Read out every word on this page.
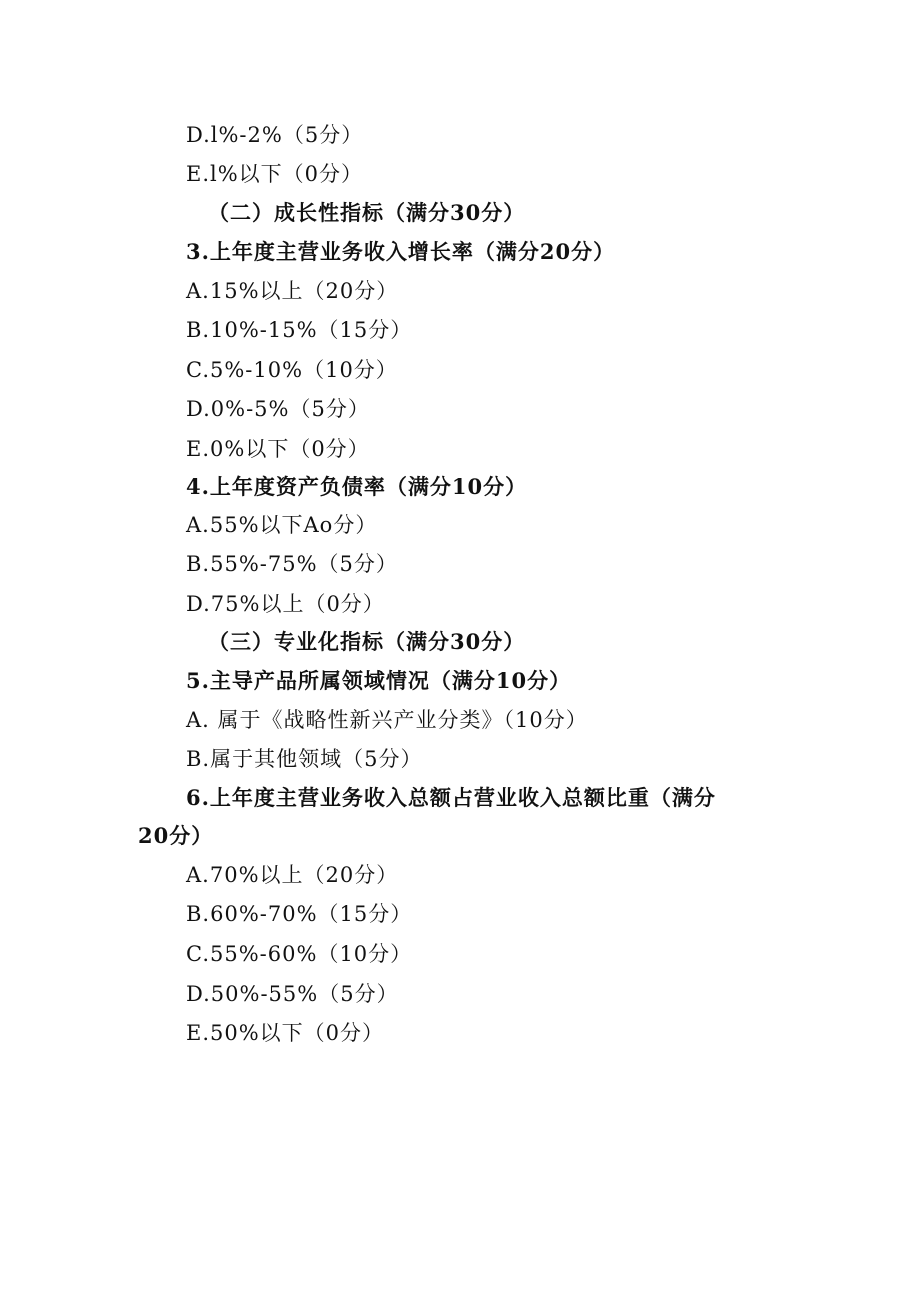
D.l%-2%（5分）
E.l%以下（0分）
（二）成长性指标（满分30分）
3.上年度主营业务收入增长率（满分20分）
A.15%以上（20分）
B.10%-15%（15分）
C.5%-10%（10分）
D.0%-5%（5分）
E.0%以下（0分）
4.上年度资产负债率（满分10分）
A.55%以下Ao分）
B.55%-75%（5分）
D.75%以上（0分）
（三）专业化指标（满分30分）
5.主导产品所属领域情况（满分10分）
A. 属于《战略性新兴产业分类》（10分）
B.属于其他领域（5分）
6.上年度主营业务收入总额占营业收入总额比重（满分
20分）
A.70%以上（20分）
B.60%-70%（15分）
C.55%-60%（10分）
D.50%-55%（5分）
E.50%以下（0分）
